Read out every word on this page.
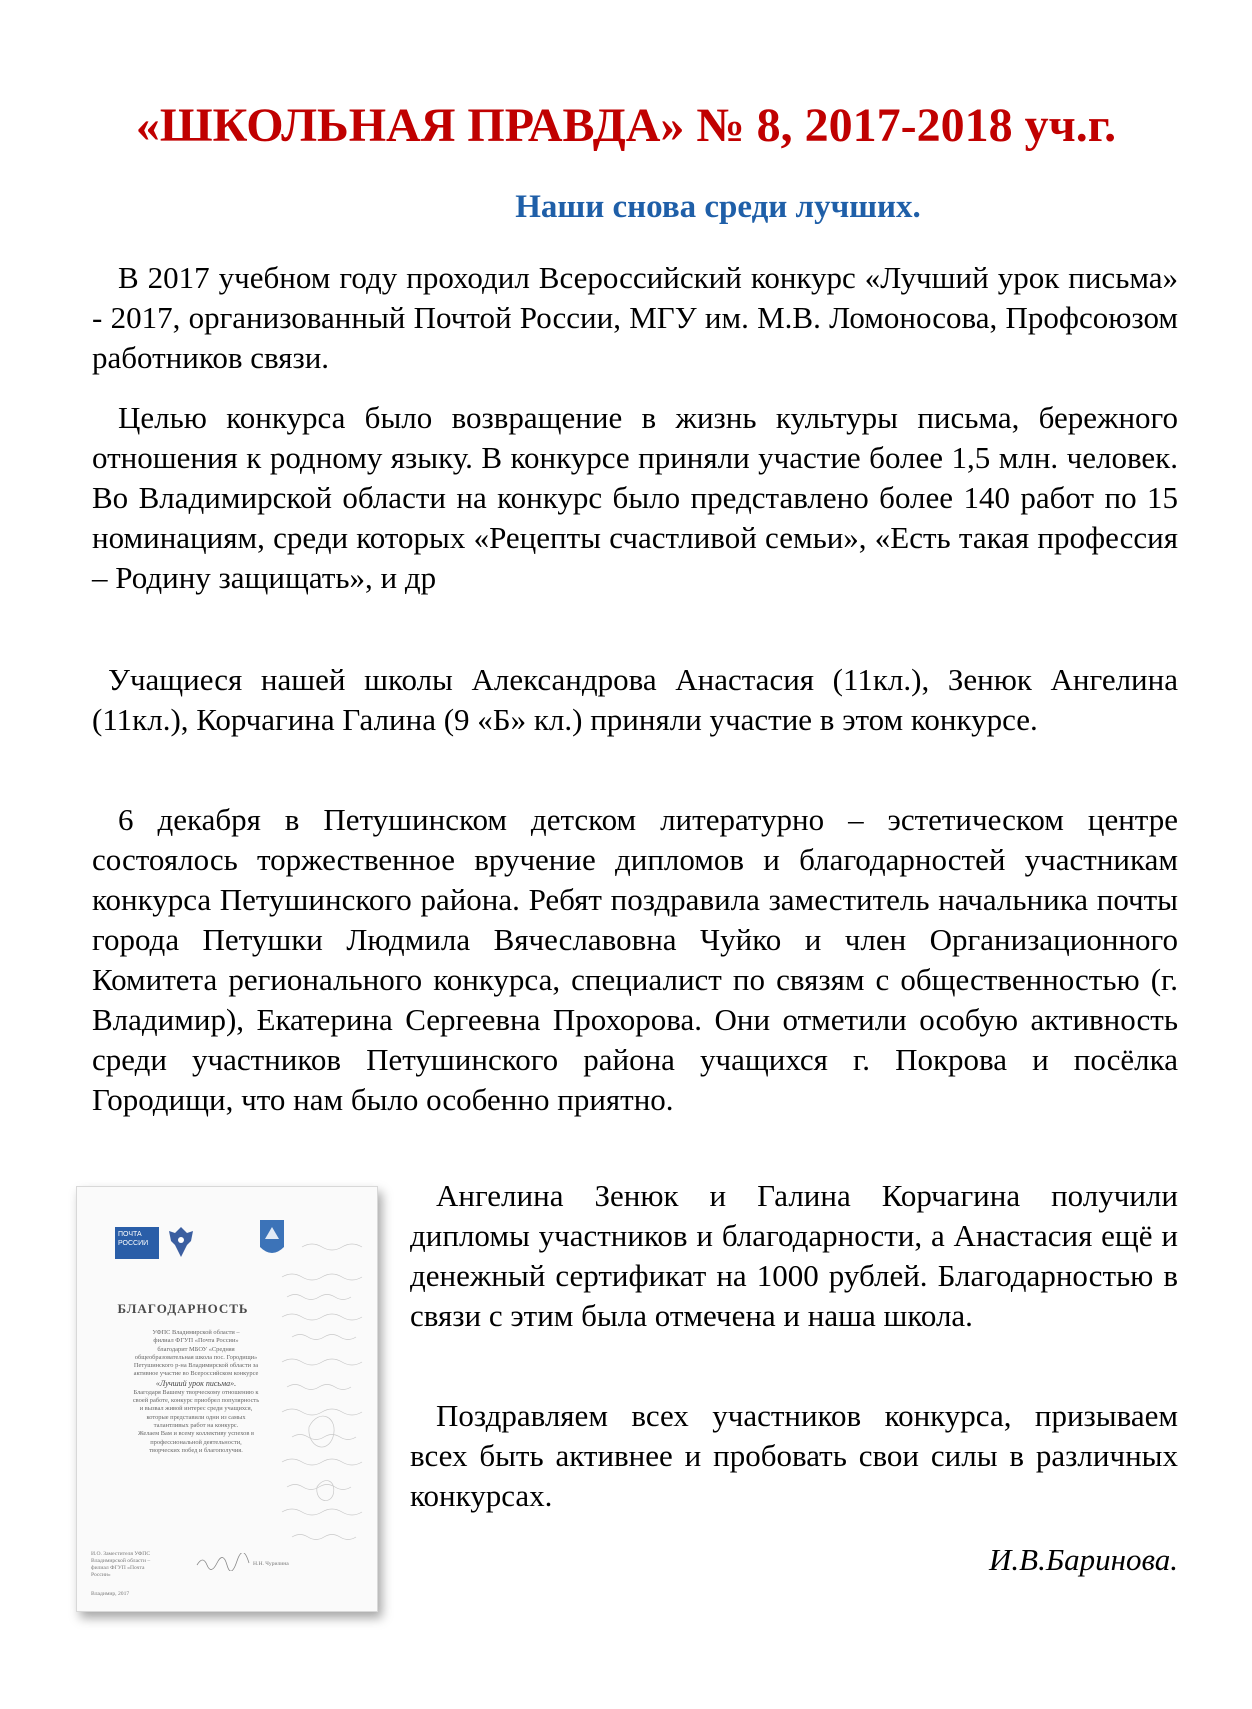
«ШКОЛЬНАЯ ПРАВДА» № 8, 2017-2018 уч.г.
Наши снова среди лучших.

В 2017 учебном году проходил Всероссийский конкурс «Лучший урок письма» - 2017, организованный Почтой России, МГУ им. М.В. Ломоносова, Профсоюзом работников связи.

Целью конкурса было возвращение в жизнь культуры письма, бережного отношения к родному языку. В конкурсе приняли участие более 1,5 млн. человек. Во Владимирской области на конкурс было представлено более 140 работ по 15 номинациям, среди которых «Рецепты счастливой семьи», «Есть такая профессия – Родину защищать», и др

Учащиеся нашей школы Александрова Анастасия (11кл.), Зенюк Ангелина (11кл.), Корчагина Галина (9 «Б» кл.) приняли участие в этом конкурсе.

6 декабря в Петушинском детском литературно – эстетическом центре состоялось торжественное вручение дипломов и благодарностей участникам конкурса Петушинского района. Ребят поздравила заместитель начальника почты города Петушки Людмила Вячеславовна Чуйко и член Организационного Комитета регионального конкурса, специалист по связям с общественностью (г. Владимир), Екатерина Сергеевна Прохорова. Они отметили особую активность среди участников Петушинского района учащихся г. Покрова и посёлка Городищи, что нам было особенно приятно.

ПОЧТА РОССИИ
БЛАГОДАРНОСТЬ
УФПС Владимирской области –
филиал ФГУП «Почта России»
благодарит МБОУ «Средняя
общеобразовательная школа пос. Городищи»
Петушинского р-на Владимирской области за
активное участие во Всероссийском конкурсе
«Лучший урок письма».
Благодаря Вашему творческому отношению к
своей работе, конкурс приобрел популярность
и вызвал живой интерес среди учащихся,
которые представили одни из самых
талантливых работ на конкурс.
Желаем Вам и всему коллективу успехов в
профессиональной деятельности,
творческих побед и благополучия.
И.О. Заместителя УФПС
Владимирской области –
филиал ФГУП «Почта России»
Н.Н. Чурилина
Владимир, 2017

Ангелина Зенюк и Галина Корчагина получили дипломы участников и благодарности, а Анастасия ещё и денежный сертификат на 1000 рублей. Благодарностью в связи с этим была отмечена и наша школа.

Поздравляем всех участников конкурса, призываем всех быть активнее и пробовать свои силы в различных конкурсах.

И.В.Баринова.
